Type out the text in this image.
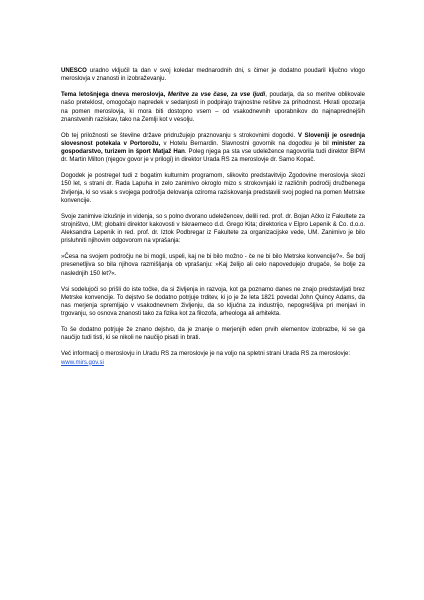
UNESCO uradno vključil ta dan v svoj koledar mednarodnih dni, s čimer je dodatno poudaril ključno vlogo meroslovja v znanosti in izobraževanju.

Tema letošnjega dneva meroslovja, Meritve za vse čase, za vse ljudi, poudarja, da so meritve oblikovale našo preteklost, omogočajo napredek v sedanjosti in podpirajo trajnostne rešitve za prihodnost. Hkrati opozarja na pomen meroslovja, ki mora biti dostopno vsem – od vsakodnevnih uporabnikov do najnaprednejših znanstvenih raziskav, tako na Zemlji kot v vesolju.

Ob tej priložnosti se številne države pridružujejo praznovanju s strokovnimi dogodki. V Sloveniji je osrednja slovesnost potekala v Portorožu, v Hotelu Bernardin. Slavnostni govornik na dogodku je bil minister za gospodarstvo, turizem in šport Matjaž Han. Poleg njega pa sta vse udeležence nagovorila tudi direktor BIPM dr. Martin Milton (njegov govor je v prilogi) in direktor Urada RS za meroslovje dr. Samo Kopač.

Dogodek je postregel tudi z bogatim kulturnim programom, slikovito predstavitvijo Zgodovine meroslovja skozi 150 let, s strani dr. Rada Lapuha in zelo zanimivo okroglo mizo s strokovnjaki iz različnih področij družbenega življenja, ki so vsak s svojega področja delovanja oziroma raziskovanja predstavili svoj pogled na pomen Metrske konvencije.

Svoje zanimive izkušnje in videnja, so s polno dvorano udeležencev, delili red. prof. dr. Bojan Ačko iz Fakultete za strojništvo, UM; globalni direktor kakovosti v Iskraemeco d.d. Grego Kita; direktorica v Elpro Lepenik & Co. d.o.o. Aleksandra Lepenik in red. prof. dr. Iztok Podbregar iz Fakultete za organizacijske vede, UM. Zanimivo je bilo prisluhniti njihovim odgovorom na vprašanja:

»Česa na svojem področju ne bi mogli, uspeli, kaj ne bi bilo možno - če ne bi bilo Metrske konvencije?«. Še bolj presenetljiva so bila njihova razmišljanja ob vprašanju: »Kaj želijo ali celo napovedujejo drugače, še bolje za naslednjih 150 let?«.

Vsi sodelujoči so prišli do iste točke, da si življenja in razvoja, kot ga poznamo danes ne znajo predstavljati brez Metrske konvencije. To dejstvo še dodatno potrjuje trditev, ki jo je že leta 1821 povedal John Quincy Adams, da nas merjenja spremljajo v vsakodnevnem življenju, da so ključna za industrijo, nepogrešljiva pri menjavi in trgovanju, so osnova znanosti tako za fizika kot za filozofa, arheologa ali arhitekta.

To še dodatno potrjuje že znano dejstvo, da je znanje o merjenjih eden prvih elementov izobrazbe, ki se ga naučijo tudi tisti, ki se nikoli ne naučijo pisati in brati.

Več informacij o meroslovju in Uradu RS za meroslovje je na voljo na spletni strani Urada RS za meroslovje: www.mirs.gov.si
